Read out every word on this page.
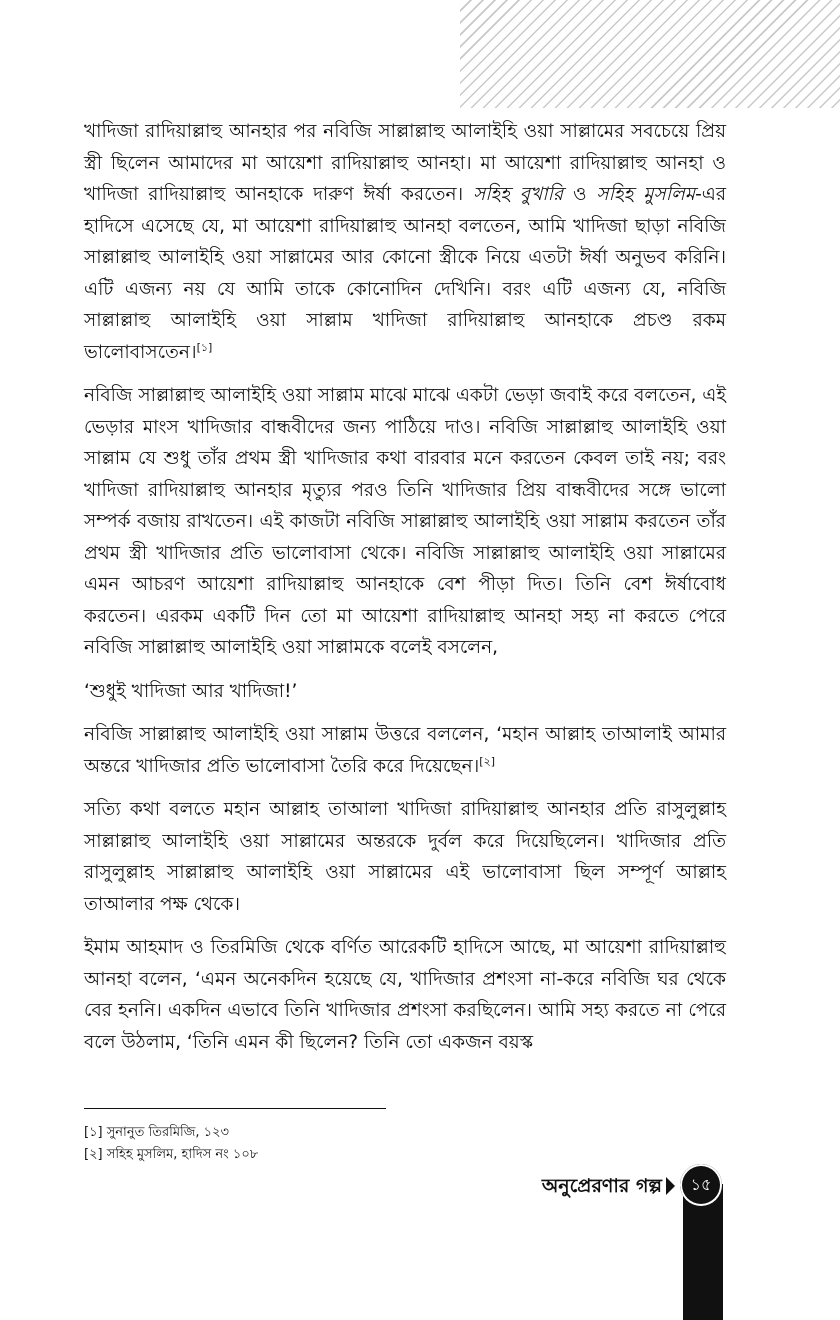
খাদিজা রাদিয়াল্লাহু আনহার পর নবিজি সাল্লাল্লাহু আলাইহি ওয়া সাল্লামের সবচেয়ে প্রিয় স্ত্রী ছিলেন আমাদের মা আয়েশা রাদিয়াল্লাহু আনহা। মা আয়েশা রাদিয়াল্লাহু আনহা ও খাদিজা রাদিয়াল্লাহু আনহাকে দারুণ ঈর্ষা করতেন। সহিহ বুখারি ও সহিহ মুসলিম-এর হাদিসে এসেছে যে, মা আয়েশা রাদিয়াল্লাহু আনহা বলতেন, আমি খাদিজা ছাড়া নবিজি সাল্লাল্লাহু আলাইহি ওয়া সাল্লামের আর কোনো স্ত্রীকে নিয়ে এতটা ঈর্ষা অনুভব করিনি। এটি এজন্য নয় যে আমি তাকে কোনোদিন দেখিনি। বরং এটি এজন্য যে, নবিজি সাল্লাল্লাহু আলাইহি ওয়া সাল্লাম খাদিজা রাদিয়াল্লাহু আনহাকে প্রচণ্ড রকম ভালোবাসতেন।[১]

নবিজি সাল্লাল্লাহু আলাইহি ওয়া সাল্লাম মাঝে মাঝে একটা ভেড়া জবাই করে বলতেন, এই ভেড়ার মাংস খাদিজার বান্ধবীদের জন্য পাঠিয়ে দাও। নবিজি সাল্লাল্লাহু আলাইহি ওয়া সাল্লাম যে শুধু তাঁর প্রথম স্ত্রী খাদিজার কথা বারবার মনে করতেন কেবল তাই নয়; বরং খাদিজা রাদিয়াল্লাহু আনহার মৃত্যুর পরও তিনি খাদিজার প্রিয় বান্ধবীদের সঙ্গে ভালো সম্পর্ক বজায় রাখতেন। এই কাজটা নবিজি সাল্লাল্লাহু আলাইহি ওয়া সাল্লাম করতেন তাঁর প্রথম স্ত্রী খাদিজার প্রতি ভালোবাসা থেকে। নবিজি সাল্লাল্লাহু আলাইহি ওয়া সাল্লামের এমন আচরণ আয়েশা রাদিয়াল্লাহু আনহাকে বেশ পীড়া দিত। তিনি বেশ ঈর্ষাবোধ করতেন। এরকম একটি দিন তো মা আয়েশা রাদিয়াল্লাহু আনহা সহ্য না করতে পেরে নবিজি সাল্লাল্লাহু আলাইহি ওয়া সাল্লামকে বলেই বসলেন,

‘শুধুই খাদিজা আর খাদিজা!’

নবিজি সাল্লাল্লাহু আলাইহি ওয়া সাল্লাম উত্তরে বললেন, ‘মহান আল্লাহ তাআলাই আমার অন্তরে খাদিজার প্রতি ভালোবাসা তৈরি করে দিয়েছেন।[২]

সত্যি কথা বলতে মহান আল্লাহ তাআলা খাদিজা রাদিয়াল্লাহু আনহার প্রতি রাসুলুল্লাহ সাল্লাল্লাহু আলাইহি ওয়া সাল্লামের অন্তরকে দুর্বল করে দিয়েছিলেন। খাদিজার প্রতি রাসুলুল্লাহ সাল্লাল্লাহু আলাইহি ওয়া সাল্লামের এই ভালোবাসা ছিল সম্পূর্ণ আল্লাহ তাআলার পক্ষ থেকে।

ইমাম আহমাদ ও তিরমিজি থেকে বর্ণিত আরেকটি হাদিসে আছে, মা আয়েশা রাদিয়াল্লাহু আনহা বলেন, ‘এমন অনেকদিন হয়েছে যে, খাদিজার প্রশংসা না-করে নবিজি ঘর থেকে বের হননি। একদিন এভাবে তিনি খাদিজার প্রশংসা করছিলেন। আমি সহ্য করতে না পেরে বলে উঠলাম, ‘তিনি এমন কী ছিলেন? তিনি তো একজন বয়স্ক

[১] সুনানুত তিরমিজি, ১২৩
[২] সহিহ মুসলিম, হাদিস নং ১০৮
অনুপ্রেরণার গল্প	১৫
